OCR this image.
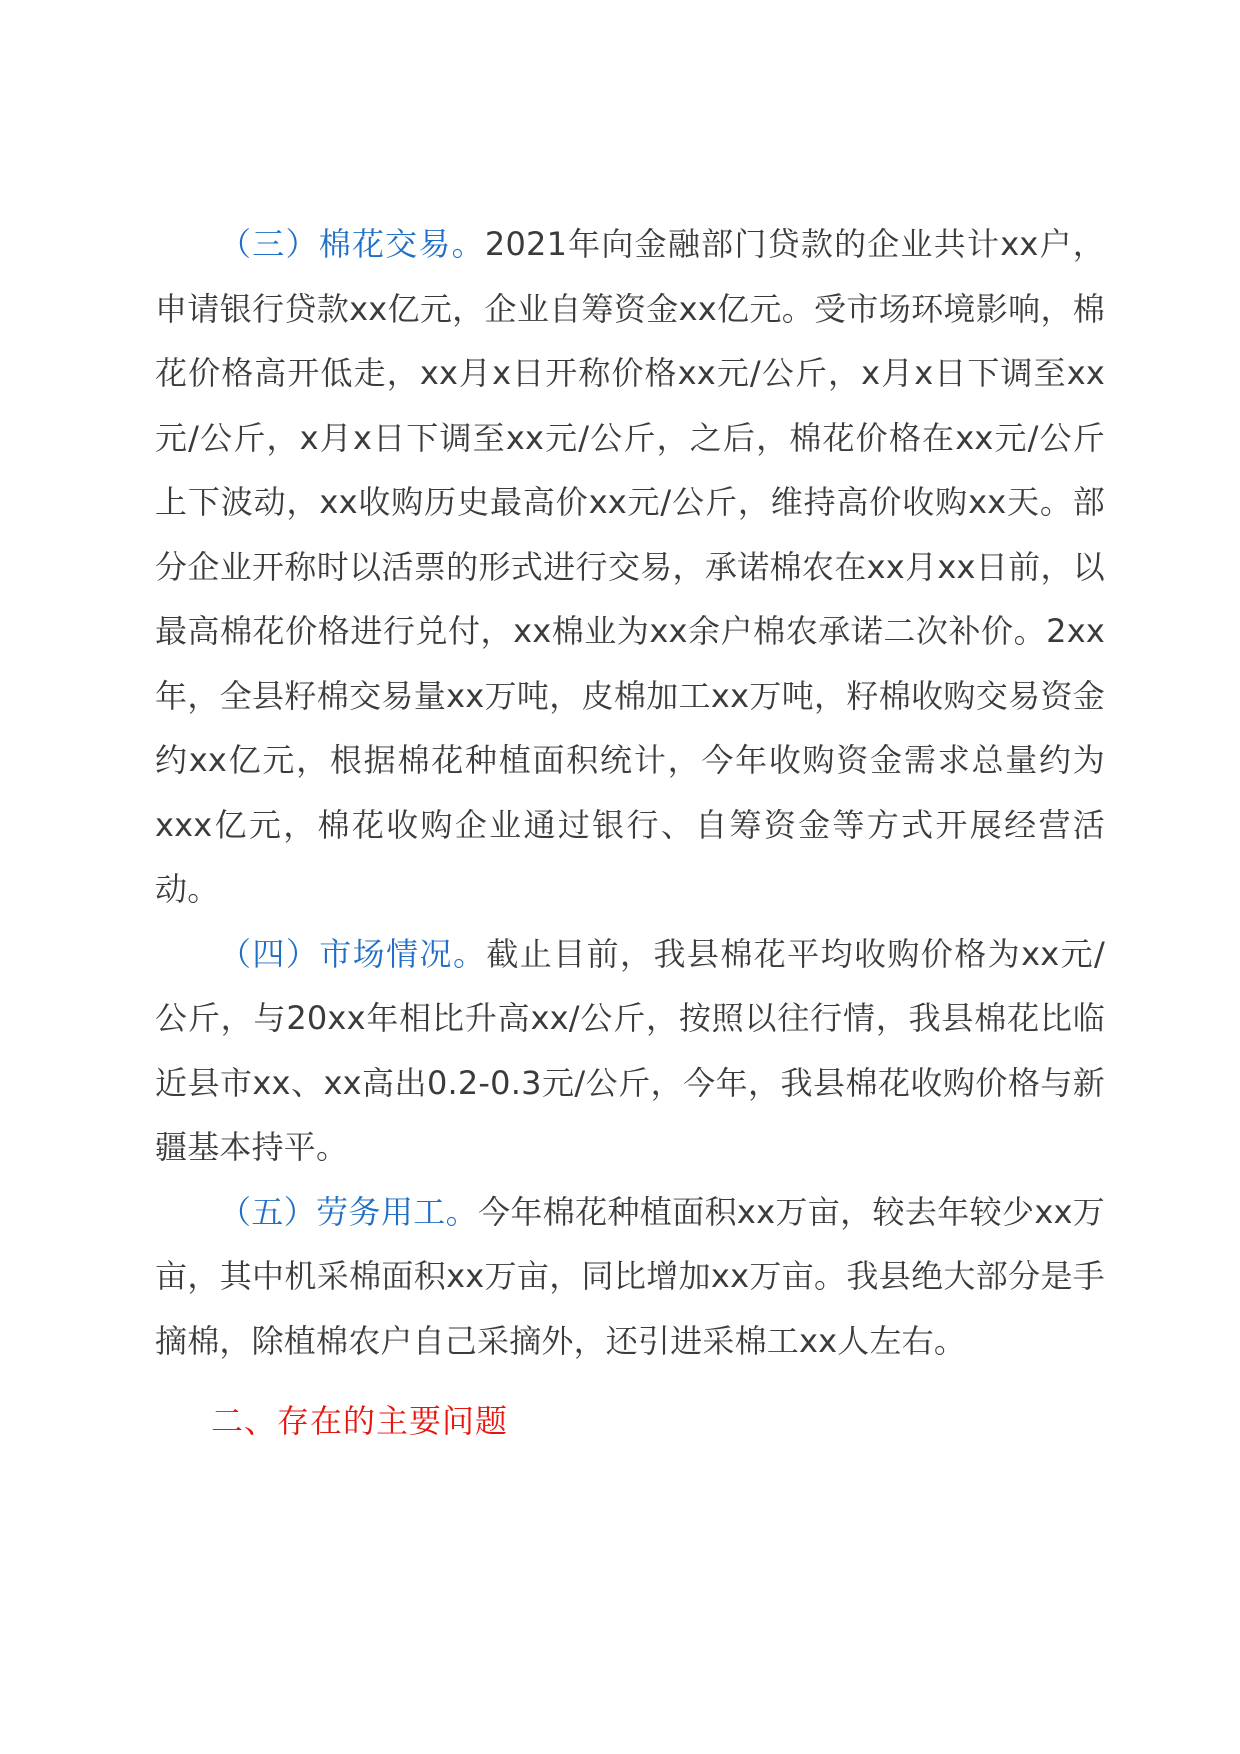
（三）棉花交易。2021年向金融部门贷款的企业共计xx户，申请银行贷款xx亿元，企业自筹资金xx亿元。受市场环境影响，棉花价格高开低走，xx月x日开称价格xx元/公斤，x月x日下调至xx元/公斤，x月x日下调至xx元/公斤，之后，棉花价格在xx元/公斤上下波动，xx收购历史最高价xx元/公斤，维持高价收购xx天。部分企业开称时以活票的形式进行交易，承诺棉农在xx月xx日前，以最高棉花价格进行兑付，xx棉业为xx余户棉农承诺二次补价。2xx年，全县籽棉交易量xx万吨，皮棉加工xx万吨，籽棉收购交易资金约xx亿元，根据棉花种植面积统计，今年收购资金需求总量约为xxx亿元，棉花收购企业通过银行、自筹资金等方式开展经营活动。

（四）市场情况。截止目前，我县棉花平均收购价格为xx元/公斤，与20xx年相比升高xx/公斤，按照以往行情，我县棉花比临近县市xx、xx高出0.2-0.3元/公斤，今年，我县棉花收购价格与新疆基本持平。

（五）劳务用工。今年棉花种植面积xx万亩，较去年较少xx万亩，其中机采棉面积xx万亩，同比增加xx万亩。我县绝大部分是手摘棉，除植棉农户自己采摘外，还引进采棉工xx人左右。

二、存在的主要问题
